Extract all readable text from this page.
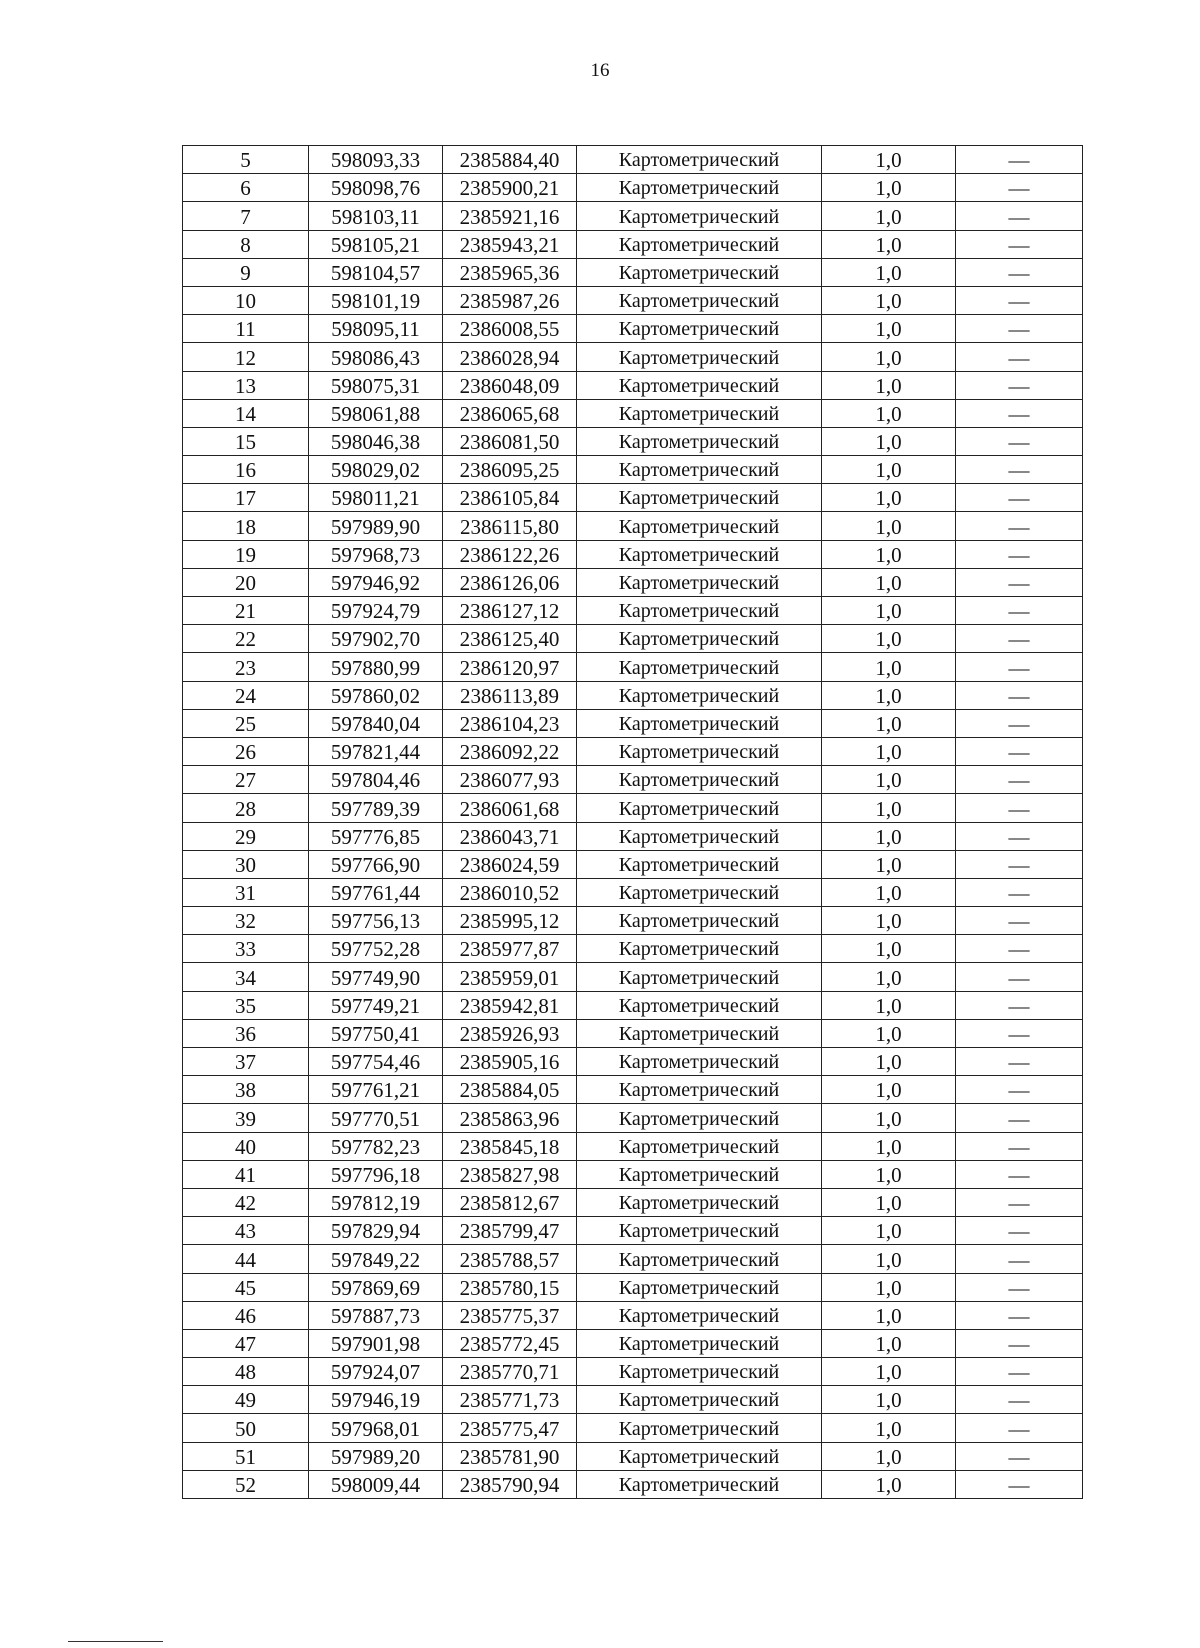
16
5	598093,33	2385884,40	Картометрический	1,0	—
6	598098,76	2385900,21	Картометрический	1,0	—
7	598103,11	2385921,16	Картометрический	1,0	—
8	598105,21	2385943,21	Картометрический	1,0	—
9	598104,57	2385965,36	Картометрический	1,0	—
10	598101,19	2385987,26	Картометрический	1,0	—
11	598095,11	2386008,55	Картометрический	1,0	—
12	598086,43	2386028,94	Картометрический	1,0	—
13	598075,31	2386048,09	Картометрический	1,0	—
14	598061,88	2386065,68	Картометрический	1,0	—
15	598046,38	2386081,50	Картометрический	1,0	—
16	598029,02	2386095,25	Картометрический	1,0	—
17	598011,21	2386105,84	Картометрический	1,0	—
18	597989,90	2386115,80	Картометрический	1,0	—
19	597968,73	2386122,26	Картометрический	1,0	—
20	597946,92	2386126,06	Картометрический	1,0	—
21	597924,79	2386127,12	Картометрический	1,0	—
22	597902,70	2386125,40	Картометрический	1,0	—
23	597880,99	2386120,97	Картометрический	1,0	—
24	597860,02	2386113,89	Картометрический	1,0	—
25	597840,04	2386104,23	Картометрический	1,0	—
26	597821,44	2386092,22	Картометрический	1,0	—
27	597804,46	2386077,93	Картометрический	1,0	—
28	597789,39	2386061,68	Картометрический	1,0	—
29	597776,85	2386043,71	Картометрический	1,0	—
30	597766,90	2386024,59	Картометрический	1,0	—
31	597761,44	2386010,52	Картометрический	1,0	—
32	597756,13	2385995,12	Картометрический	1,0	—
33	597752,28	2385977,87	Картометрический	1,0	—
34	597749,90	2385959,01	Картометрический	1,0	—
35	597749,21	2385942,81	Картометрический	1,0	—
36	597750,41	2385926,93	Картометрический	1,0	—
37	597754,46	2385905,16	Картометрический	1,0	—
38	597761,21	2385884,05	Картометрический	1,0	—
39	597770,51	2385863,96	Картометрический	1,0	—
40	597782,23	2385845,18	Картометрический	1,0	—
41	597796,18	2385827,98	Картометрический	1,0	—
42	597812,19	2385812,67	Картометрический	1,0	—
43	597829,94	2385799,47	Картометрический	1,0	—
44	597849,22	2385788,57	Картометрический	1,0	—
45	597869,69	2385780,15	Картометрический	1,0	—
46	597887,73	2385775,37	Картометрический	1,0	—
47	597901,98	2385772,45	Картометрический	1,0	—
48	597924,07	2385770,71	Картометрический	1,0	—
49	597946,19	2385771,73	Картометрический	1,0	—
50	597968,01	2385775,47	Картометрический	1,0	—
51	597989,20	2385781,90	Картометрический	1,0	—
52	598009,44	2385790,94	Картометрический	1,0	—
